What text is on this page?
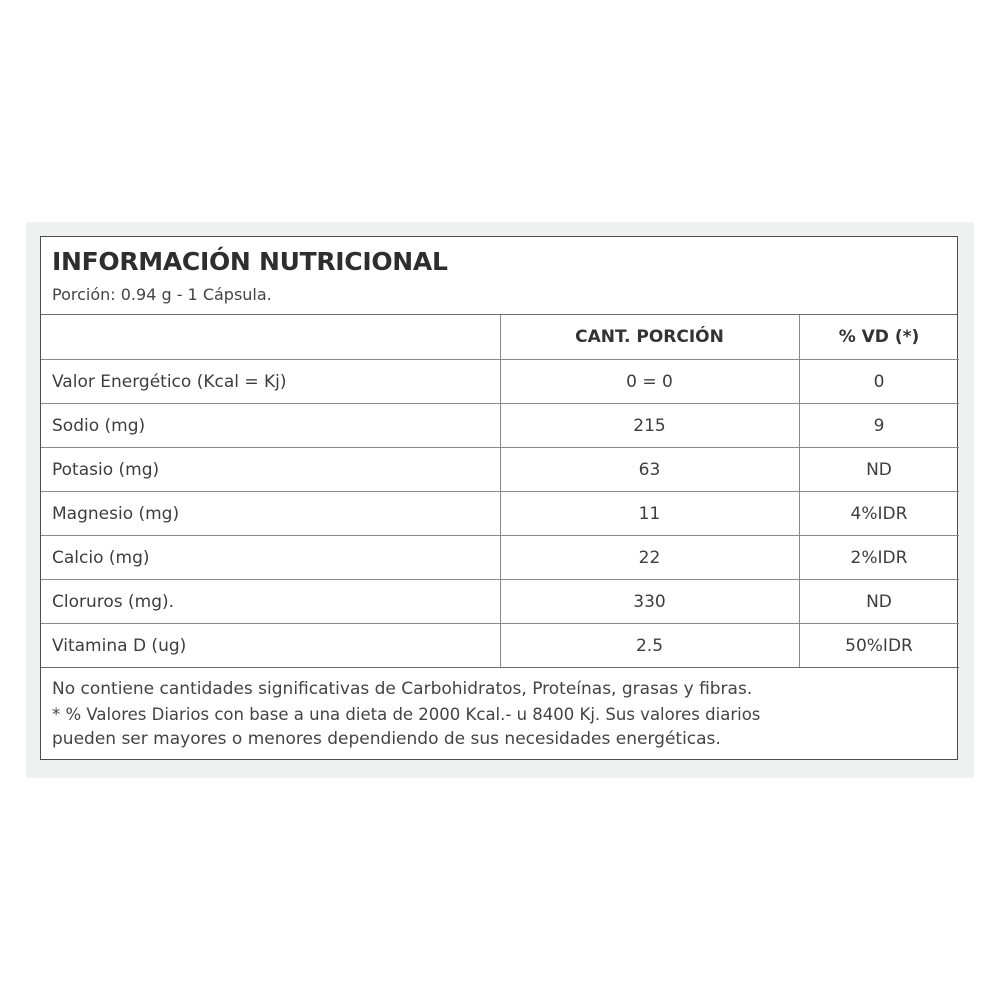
INFORMACIÓN NUTRICIONAL
Porción: 0.94 g - 1 Cápsula.
	CANT. PORCIÓN	% VD (*)
Valor Energético (Kcal = Kj)	0 = 0	0
Sodio (mg)	215	9
Potasio (mg)	63	ND
Magnesio (mg)	11	4%IDR
Calcio (mg)	22	2%IDR
Cloruros (mg).	330	ND
Vitamina D (ug)	2.5	50%IDR
No contiene cantidades significativas de Carbohidratos, Proteínas, grasas y fibras.
* % Valores Diarios con base a una dieta de 2000 Kcal.- u 8400 Kj. Sus valores diarios
pueden ser mayores o menores dependiendo de sus necesidades energéticas.
